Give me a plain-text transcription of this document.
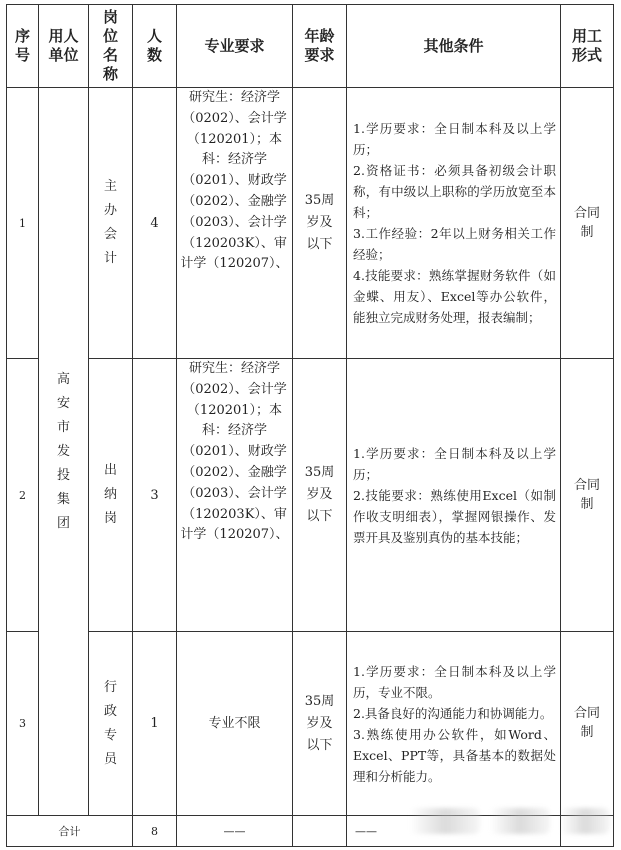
序号	用人单位	岗位名称	人数	专业要求	年龄要求	其他条件	用工形式
1	高安市发投集团	主办会计	4	研究生：经济学（0202）、会计学（120201）；本科：经济学（0201）、财政学（0202）、金融学（0203）、会计学（120203K）、审计学（120207）、	35周岁及以下	1.学历要求：全日制本科及以上学历；
2.资格证书：必须具备初级会计职称，有中级以上职称的学历放宽至本科；
3.工作经验：2年以上财务相关工作经验；
4.技能要求：熟练掌握财务软件（如金蝶、用友）、Excel等办公软件，能独立完成财务处理，报表编制；	合同制
2		出纳岗	3	研究生：经济学（0202）、会计学（120201）；本科：经济学（0201）、财政学（0202）、金融学（0203）、会计学（120203K）、审计学（120207）、	35周岁及以下	1.学历要求：全日制本科及以上学历；
2.技能要求：熟练使用Excel（如制作收支明细表），掌握网银操作、发票开具及鉴别真伪的基本技能；	合同制
3		行政专员	1	专业不限	35周岁及以下	1.学历要求：全日制本科及以上学历，专业不限。
2.具备良好的沟通能力和协调能力。
3.熟练使用办公软件，如Word、Excel、PPT等，具备基本的数据处理和分析能力。	合同制
合计			8	——		——	
